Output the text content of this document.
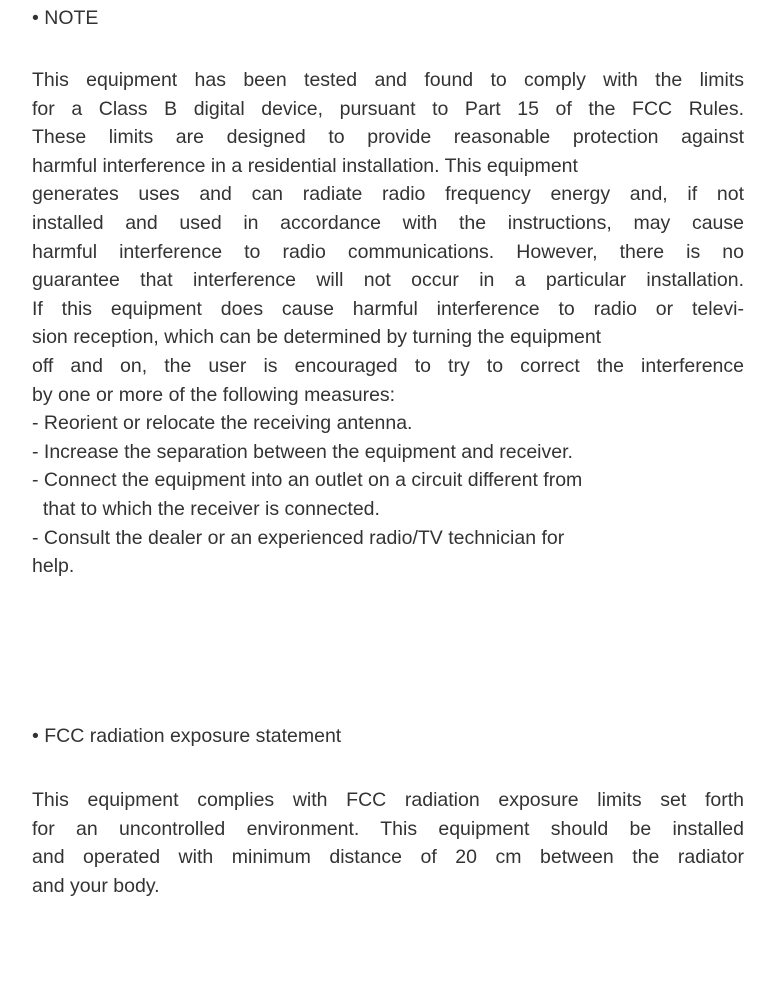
• NOTE
This equipment has been tested and found to comply with the limits
for a Class B digital device, pursuant to Part 15 of the FCC Rules.
These limits are designed to provide reasonable protection against
harmful interference in a residential installation. This equipment
generates uses and can radiate radio frequency energy and, if not
installed and used in accordance with the instructions, may cause
harmful interference to radio communications. However, there is no
guarantee that interference will not occur in a particular installation.
If this equipment does cause harmful interference to radio or televi-
sion reception, which can be determined by turning the equipment
off and on, the user is encouraged to try to correct the interference
by one or more of the following measures:
- Reorient or relocate the receiving antenna.
- Increase the separation between the equipment and receiver.
- Connect the equipment into an outlet on a circuit different from
that to which the receiver is connected.
- Consult the dealer or an experienced radio/TV technician for
help.
• FCC radiation exposure statement
This equipment complies with FCC radiation exposure limits set forth
for an uncontrolled environment. This equipment should be installed
and operated with minimum distance of 20 cm between the radiator
and your body.
